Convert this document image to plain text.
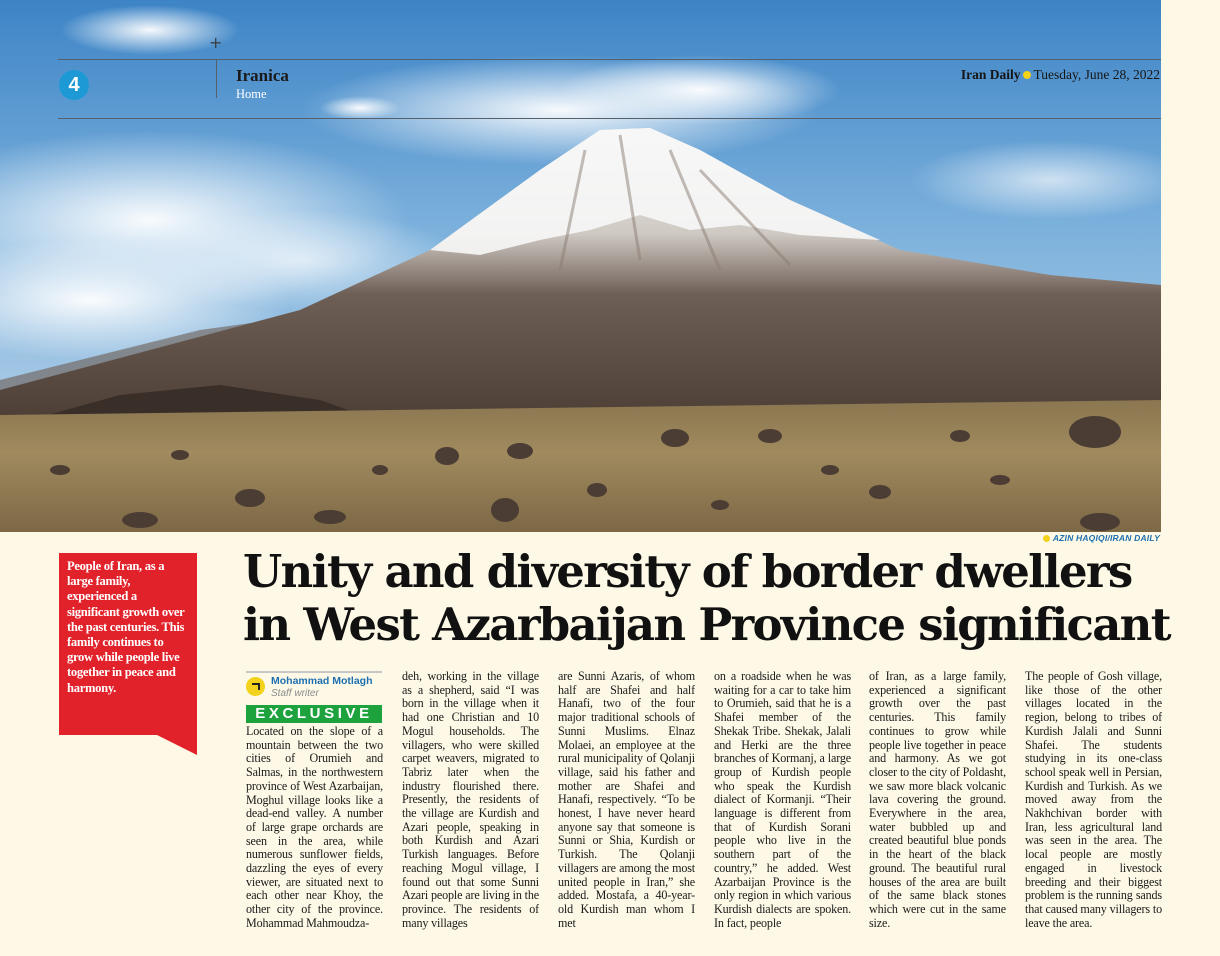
AZIN HAQIQI/IRAN DAILY
+
4	Iranica
Home
Iran Daily Tuesday, June 28, 2022

People of Iran, as a large family, experienced a significant growth over the past centuries. This family continues to grow while people live together in peace and harmony.

Unity and diversity of border dwellers in West Azarbaijan Province significant
Mohammad Motlagh
Staff writer
EXCLUSIVE

Located on the slope of a mountain between the two cities of Orumieh and Salmas, in the northwestern province of West Azarbaijan, Moghul village looks like a dead-end valley. A number of large grape orchards are seen in the area, while numerous sunflower fields, dazzling the eyes of every viewer, are situated next to each other near Khoy, the other city of the province. Mohammad Mahmoudza-

deh, working in the village as a shepherd, said “I was born in the village when it had one Christian and 10 Mogul households. The villagers, who were skilled carpet weavers, migrated to Tabriz later when the industry flourished there. Presently, the residents of the village are Kurdish and Azari people, speaking in both Kurdish and Azari Turkish languages. Before reaching Mogul village, I found out that some Sunni Azari people are living in the province. The residents of many villages

are Sunni Azaris, of whom half are Shafei and half Hanafi, two of the four major traditional schools of Sunni Muslims. Elnaz Molaei, an employee at the rural municipality of Qolanji village, said his father and mother are Shafei and Hanafi, respectively. “To be honest, I have never heard anyone say that someone is Sunni or Shia, Kurdish or Turkish. The Qolanji villagers are among the most united people in Iran,” she added. Mostafa, a 40-year-old Kurdish man whom I met

on a roadside when he was waiting for a car to take him to Orumieh, said that he is a Shafei member of the Shekak Tribe. Shekak, Jalali and Herki are the three branches of Kormanj, a large group of Kurdish people who speak the Kurdish dialect of Kormanji. “Their language is different from that of Kurdish Sorani people who live in the southern part of the country,” he added. West Azarbaijan Province is the only region in which various Kurdish dialects are spoken. In fact, people

of Iran, as a large family, experienced a significant growth over the past centuries. This family continues to grow while people live together in peace and harmony. As we got closer to the city of Poldasht, we saw more black volcanic lava covering the ground. Everywhere in the area, water bubbled up and created beautiful blue ponds in the heart of the black ground. The beautiful rural houses of the area are built of the same black stones which were cut in the same size.

The people of Gosh village, like those of the other villages located in the region, belong to tribes of Kurdish Jalali and Sunni Shafei. The students studying in its one-class school speak well in Persian, Kurdish and Turkish. As we moved away from the Nakhchivan border with Iran, less agricultural land was seen in the area. The local people are mostly engaged in livestock breeding and their biggest problem is the running sands that caused many villagers to leave the area.
